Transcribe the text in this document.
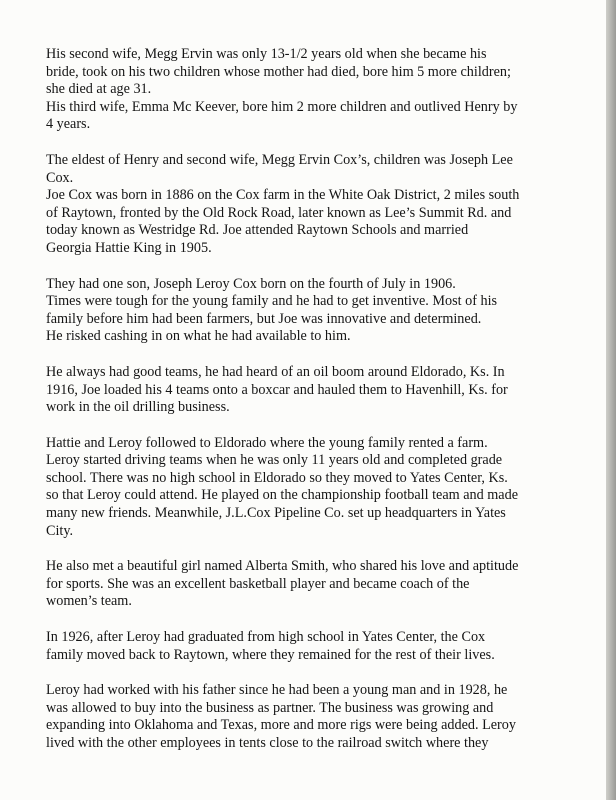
His second wife, Megg Ervin was only 13-1/2 years old when she became his
bride, took on his two children whose mother had died, bore him 5 more children;
she died at age 31.
His third wife, Emma Mc Keever, bore him 2 more children and outlived Henry by
4 years.

The eldest of Henry and second wife, Megg Ervin Cox’s, children was Joseph Lee
Cox.
Joe Cox was born in 1886 on the Cox farm in the White Oak District, 2 miles south
of Raytown, fronted by the Old Rock Road, later known as Lee’s Summit Rd. and
today known as Westridge Rd. Joe attended Raytown Schools and married
Georgia Hattie King in 1905.

They had one son, Joseph Leroy Cox born on the fourth of July in 1906.
Times were tough for the young family and he had to get inventive. Most of his
family before him had been farmers, but Joe was innovative and determined.
He risked cashing in on what he had available to him.

He always had good teams, he had heard of an oil boom around Eldorado, Ks. In
1916, Joe loaded his 4 teams onto a boxcar and hauled them to Havenhill, Ks. for
work in the oil drilling business.

Hattie and Leroy followed to Eldorado where the young family rented a farm.
Leroy started driving teams when he was only 11 years old and completed grade
school. There was no high school in Eldorado so they moved to Yates Center, Ks.
so that Leroy could attend. He played on the championship football team and made
many new friends. Meanwhile, J.L.Cox Pipeline Co. set up headquarters in Yates
City.

He also met a beautiful girl named Alberta Smith, who shared his love and aptitude
for sports. She was an excellent basketball player and became coach of the
women’s team.

In 1926, after Leroy had graduated from high school in Yates Center, the Cox
family moved back to Raytown, where they remained for the rest of their lives.

Leroy had worked with his father since he had been a young man and in 1928, he
was allowed to buy into the business as partner. The business was growing and
expanding into Oklahoma and Texas, more and more rigs were being added. Leroy
lived with the other employees in tents close to the railroad switch where they
